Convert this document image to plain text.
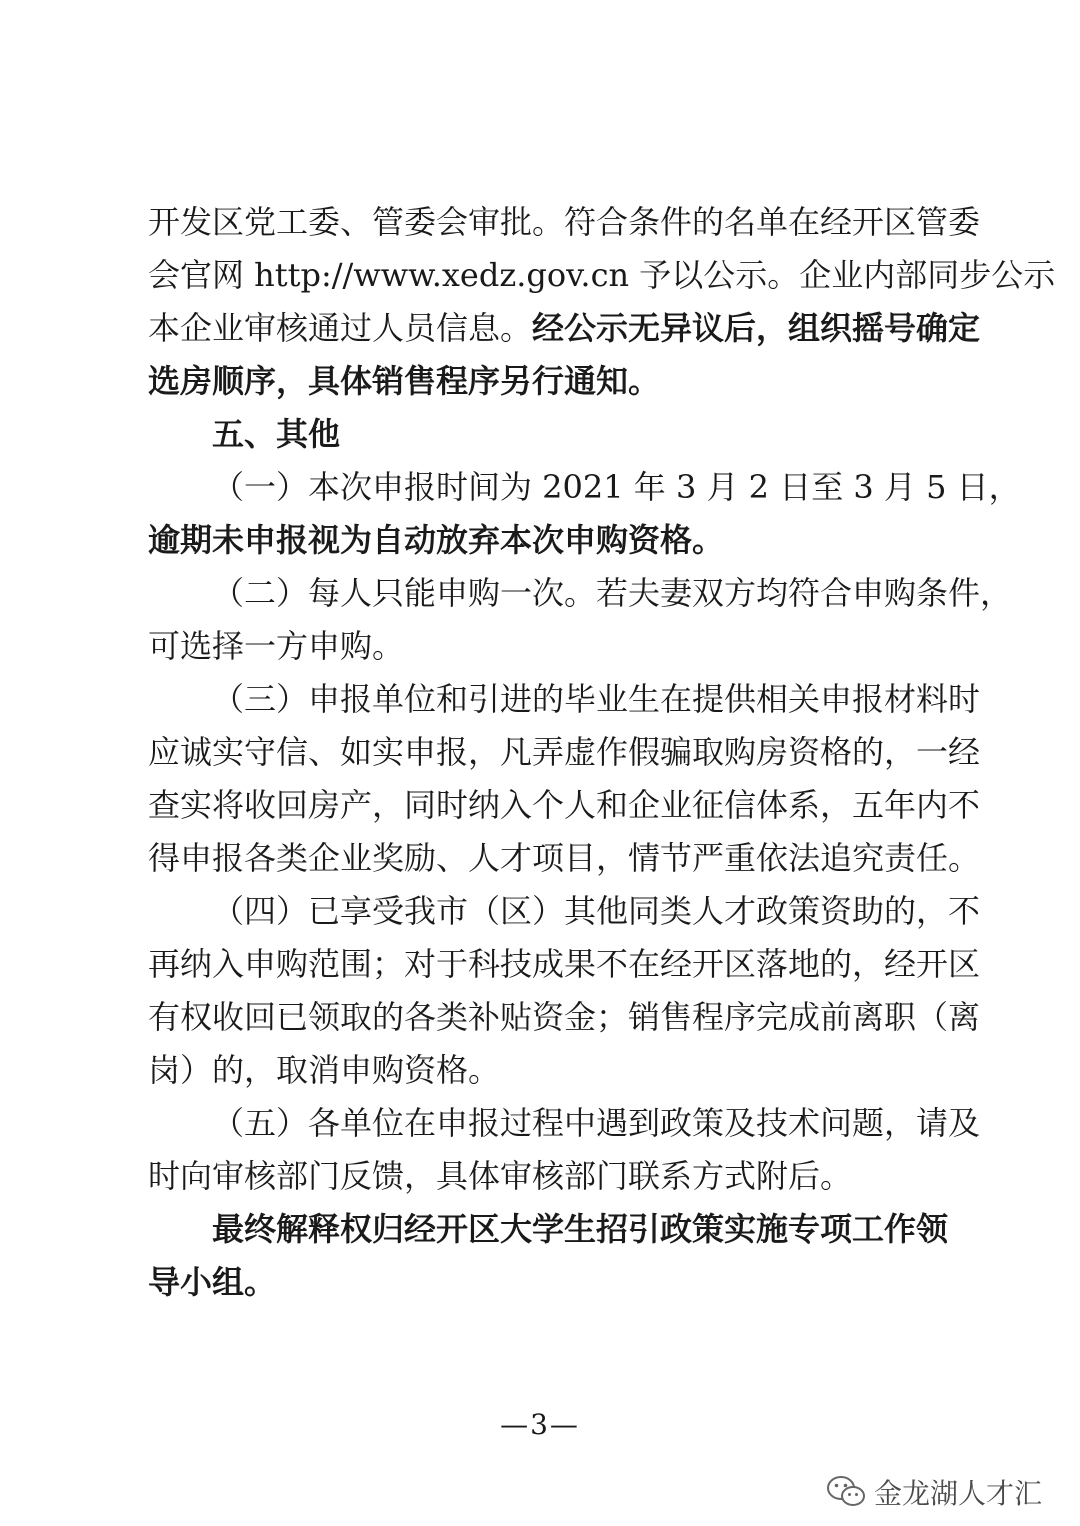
开发区党工委、管委会审批。符合条件的名单在经开区管委
会官网 http://www.xedz.gov.cn 予以公示。企业内部同步公示
本企业审核通过人员信息。经公示无异议后，组织摇号确定
选房顺序，具体销售程序另行通知。
五、其他
（一）本次申报时间为 2021 年 3 月 2 日至 3 月 5 日，
逾期未申报视为自动放弃本次申购资格。
（二）每人只能申购一次。若夫妻双方均符合申购条件，
可选择一方申购。
（三）申报单位和引进的毕业生在提供相关申报材料时
应诚实守信、如实申报，凡弄虚作假骗取购房资格的，一经
查实将收回房产，同时纳入个人和企业征信体系，五年内不
得申报各类企业奖励、人才项目，情节严重依法追究责任。
（四）已享受我市（区）其他同类人才政策资助的，不
再纳入申购范围；对于科技成果不在经开区落地的，经开区
有权收回已领取的各类补贴资金；销售程序完成前离职（离
岗）的，取消申购资格。
（五）各单位在申报过程中遇到政策及技术问题，请及
时向审核部门反馈，具体审核部门联系方式附后。
最终解释权归经开区大学生招引政策实施专项工作领
导小组。
—3—
金龙湖人才汇
